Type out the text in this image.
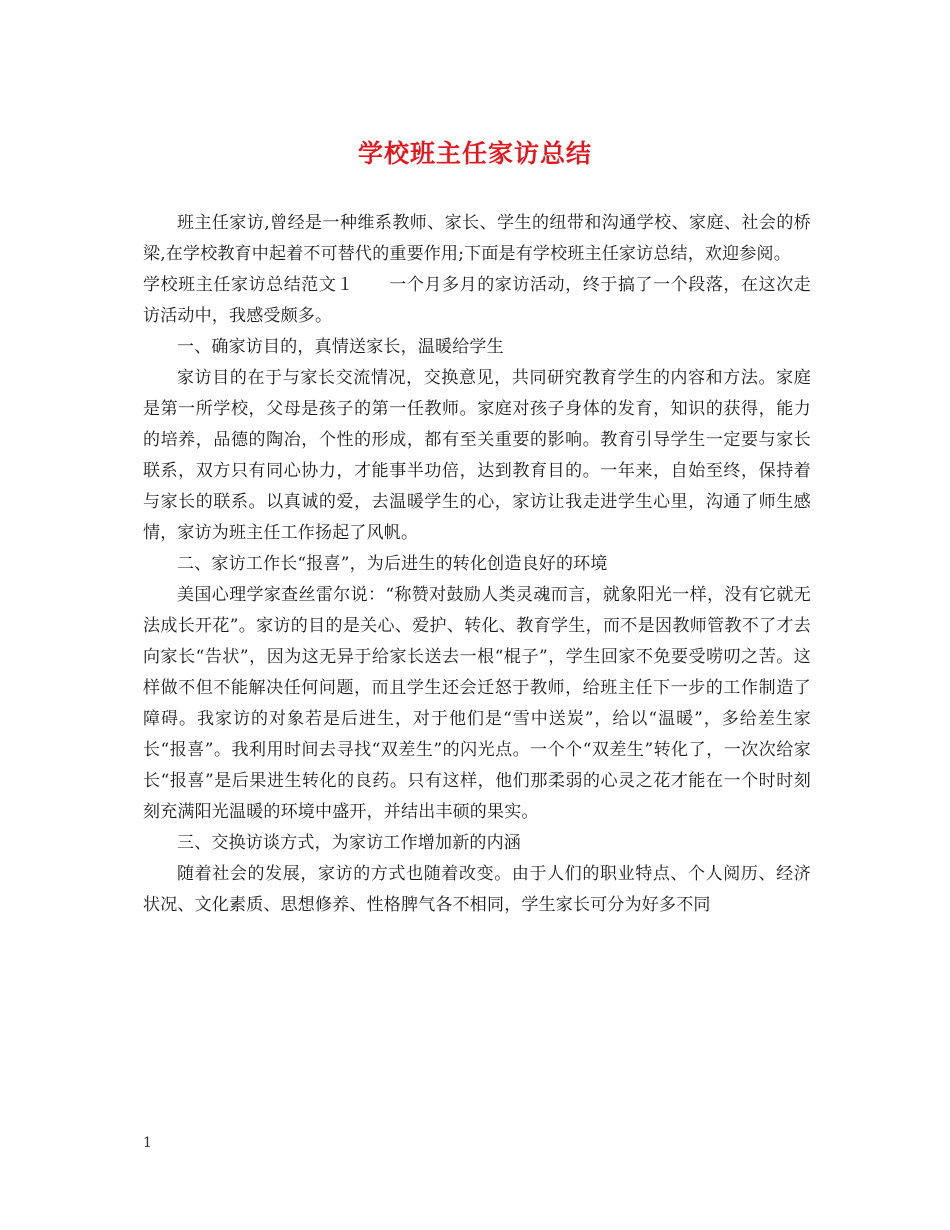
学校班主任家访总结

班主任家访,曾经是一种维系教师、家长、学生的纽带和沟通学校、家庭、社会的桥梁,在学校教育中起着不可替代的重要作用;下面是有学校班主任家访总结，欢迎参阅。

学校班主任家访总结范文１　　一个月多月的家访活动，终于搞了一个段落，在这次走访活动中，我感受颇多。

一、确家访目的，真情送家长，温暖给学生

家访目的在于与家长交流情况，交换意见，共同研究教育学生的内容和方法。家庭是第一所学校，父母是孩子的第一任教师。家庭对孩子身体的发育，知识的获得，能力的培养，品德的陶冶，个性的形成，都有至关重要的影响。教育引导学生一定要与家长联系，双方只有同心协力，才能事半功倍，达到教育目的。一年来，自始至终，保持着与家长的联系。以真诚的爱，去温暖学生的心，家访让我走进学生心里，沟通了师生感情，家访为班主任工作扬起了风帆。

二、家访工作长“报喜”，为后进生的转化创造良好的环境

美国心理学家查丝雷尔说：“称赞对鼓励人类灵魂而言，就象阳光一样，没有它就无法成长开花”。家访的目的是关心、爱护、转化、教育学生，而不是因教师管教不了才去向家长“告状”，因为这无异于给家长送去一根“棍子”，学生回家不免要受唠叨之苦。这样做不但不能解决任何问题，而且学生还会迁怒于教师，给班主任下一步的工作制造了障碍。我家访的对象若是后进生，对于他们是“雪中送炭”，给以“温暖”，多给差生家长“报喜”。我利用时间去寻找“双差生”的闪光点。一个个“双差生”转化了，一次次给家长“报喜”是后果进生转化的良药。只有这样，他们那柔弱的心灵之花才能在一个时时刻刻充满阳光温暖的环境中盛开，并结出丰硕的果实。

三、交换访谈方式，为家访工作增加新的内涵

随着社会的发展，家访的方式也随着改变。由于人们的职业特点、个人阅历、经济状况、文化素质、思想修养、性格脾气各不相同，学生家长可分为好多不同

1
